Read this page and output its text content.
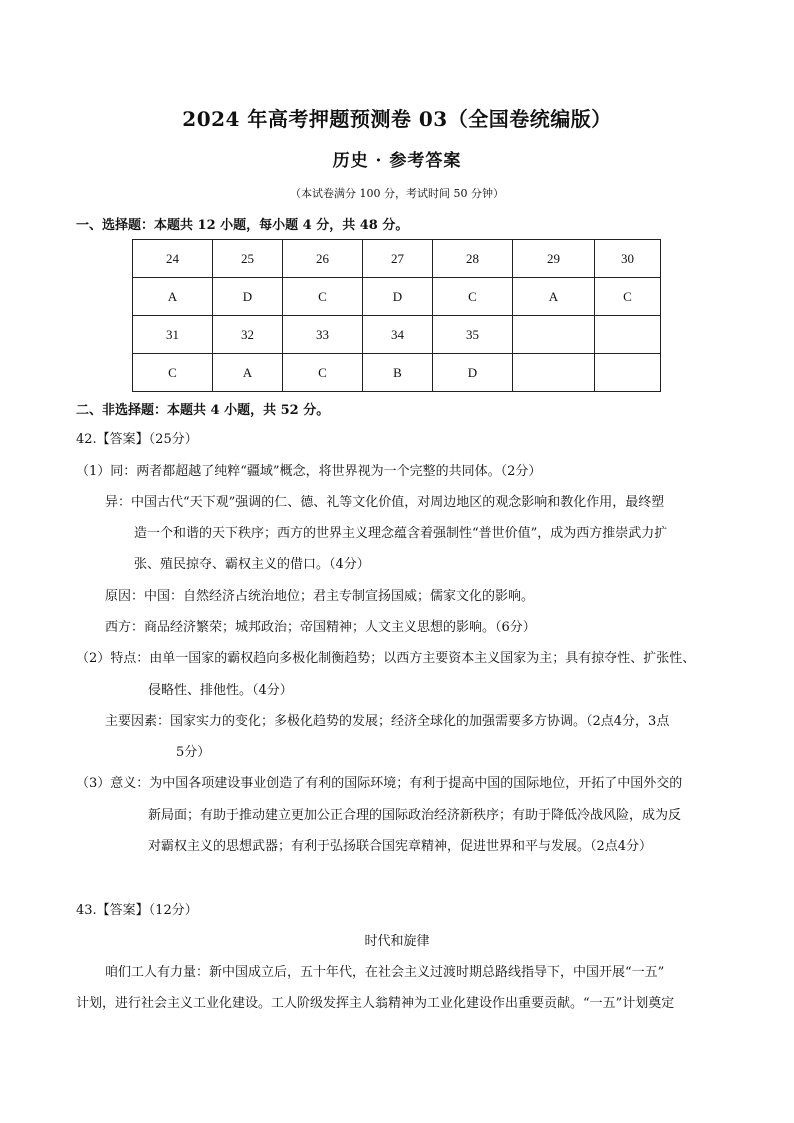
2024 年高考押题预测卷 03（全国卷统编版）
历史 · 参考答案
（本试卷满分 100 分，考试时间 50 分钟）
一、选择题：本题共 12 小题，每小题 4 分，共 48 分。
24	25	26	27	28	29	30
A	D	C	D	C	A	C
31	32	33	34	35		
C	A	C	B	D		
二、非选择题：本题共 4 小题，共 52 分。
42.【答案】（25分）
（1）同：两者都超越了纯粹“疆域”概念，将世界视为一个完整的共同体。（2分）
异：中国古代“天下观”强调的仁、德、礼等文化价值，对周边地区的观念影响和教化作用，最终塑
造一个和谐的天下秩序；西方的世界主义理念蕴含着强制性“普世价值”，成为西方推崇武力扩
张、殖民掠夺、霸权主义的借口。（4分）
原因：中国：自然经济占统治地位；君主专制宣扬国威；儒家文化的影响。
西方：商品经济繁荣；城邦政治；帝国精神；人文主义思想的影响。（6分）
（2）特点：由单一国家的霸权趋向多极化制衡趋势；以西方主要资本主义国家为主；具有掠夺性、扩张性、
侵略性、排他性。（4分）
主要因素：国家实力的变化；多极化趋势的发展；经济全球化的加强需要多方协调。（2点4分，3点
5分）
（3）意义：为中国各项建设事业创造了有利的国际环境；有利于提高中国的国际地位，开拓了中国外交的
新局面；有助于推动建立更加公正合理的国际政治经济新秩序；有助于降低冷战风险，成为反
对霸权主义的思想武器；有利于弘扬联合国宪章精神，促进世界和平与发展。（2点4分）
43.【答案】（12分）
时代和旋律
咱们工人有力量：新中国成立后，五十年代，在社会主义过渡时期总路线指导下，中国开展“一五”
计划，进行社会主义工业化建设。工人阶级发挥主人翁精神为工业化建设作出重要贡献。“一五”计划奠定
